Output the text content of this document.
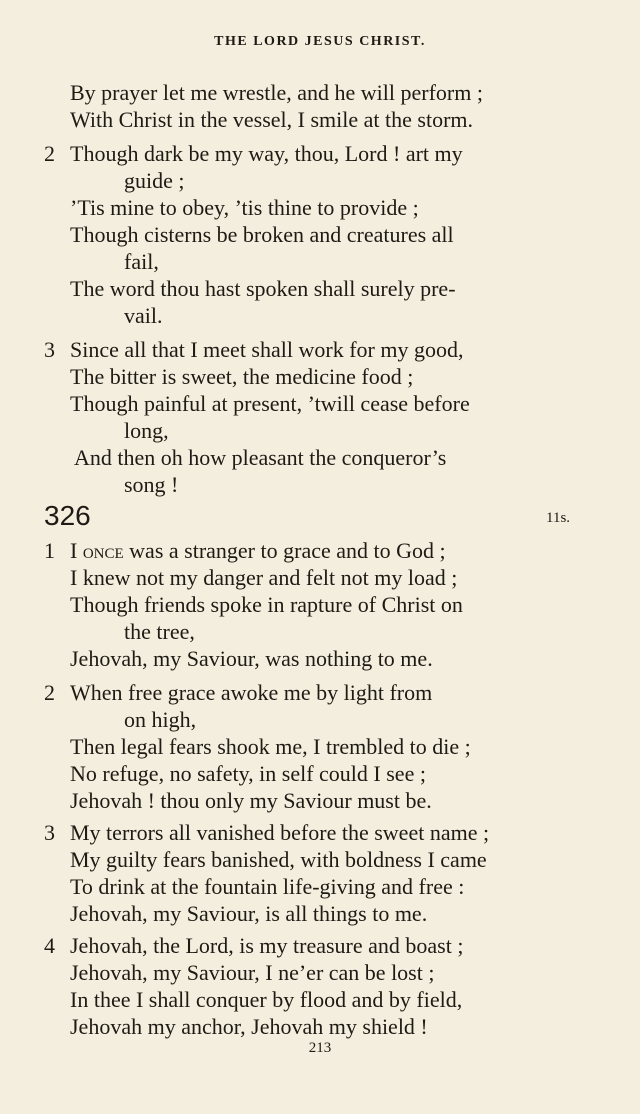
THE LORD JESUS CHRIST.
By prayer let me wrestle, and he will perform ;
With Christ in the vessel, I smile at the storm.
2 Though dark be my way, thou, Lord ! art my
guide ;
’Tis mine to obey, ’tis thine to provide ;
Though cisterns be broken and creatures all
fail,
The word thou hast spoken shall surely pre-
vail.
3 Since all that I meet shall work for my good,
The bitter is sweet, the medicine food ;
Though painful at present, ’twill cease before
long,
And then oh how pleasant the conqueror’s
song !
326	11s.
1 I once was a stranger to grace and to God ;
I knew not my danger and felt not my load ;
Though friends spoke in rapture of Christ on
the tree,
Jehovah, my Saviour, was nothing to me.
2 When free grace awoke me by light from
on high,
Then legal fears shook me, I trembled to die ;
No refuge, no safety, in self could I see ;
Jehovah ! thou only my Saviour must be.
3 My terrors all vanished before the sweet name ;
My guilty fears banished, with boldness I came
To drink at the fountain life-giving and free :
Jehovah, my Saviour, is all things to me.
4 Jehovah, the Lord, is my treasure and boast ;
Jehovah, my Saviour, I ne’er can be lost ;
In thee I shall conquer by flood and by field,
Jehovah my anchor, Jehovah my shield !
213
